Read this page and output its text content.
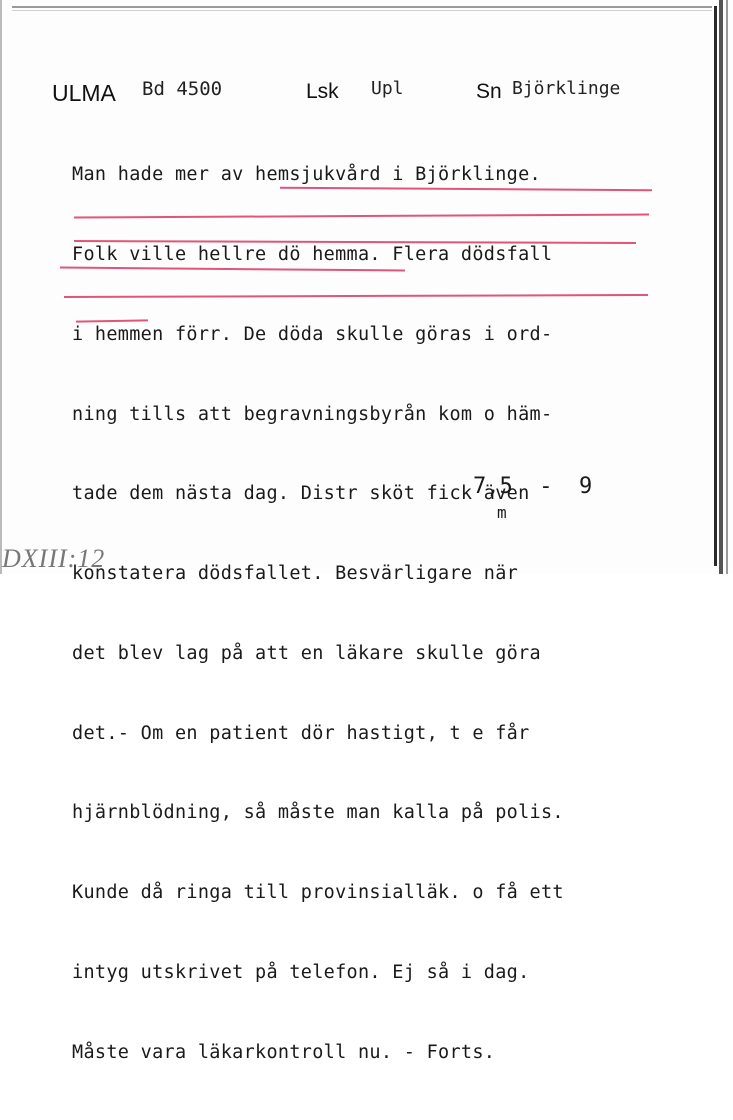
ULMA Bd 4500	Lsk Upl	Sn Björklinge

Man hade mer av hemsjukvård i Björklinge.

Folk ville hellre dö hemma. Flera dödsfall

i hemmen förr. De döda skulle göras i ord-

ning tills att begravningsbyrån kom o häm-

tade dem nästa dag. Distr sköt fick även

konstatera dödsfallet. Besvärligare när

det blev lag på att en läkare skulle göra

det.- Om en patient dör hastigt, t e får

hjärnblödning, så måste man kalla på polis.

Kunde då ringa till provinsialläk. o få ett

intyg utskrivet på telefon. Ej så i dag.

Måste vara läkarkontroll nu. - Forts.

7,5  -  9
m

DXIII:12
